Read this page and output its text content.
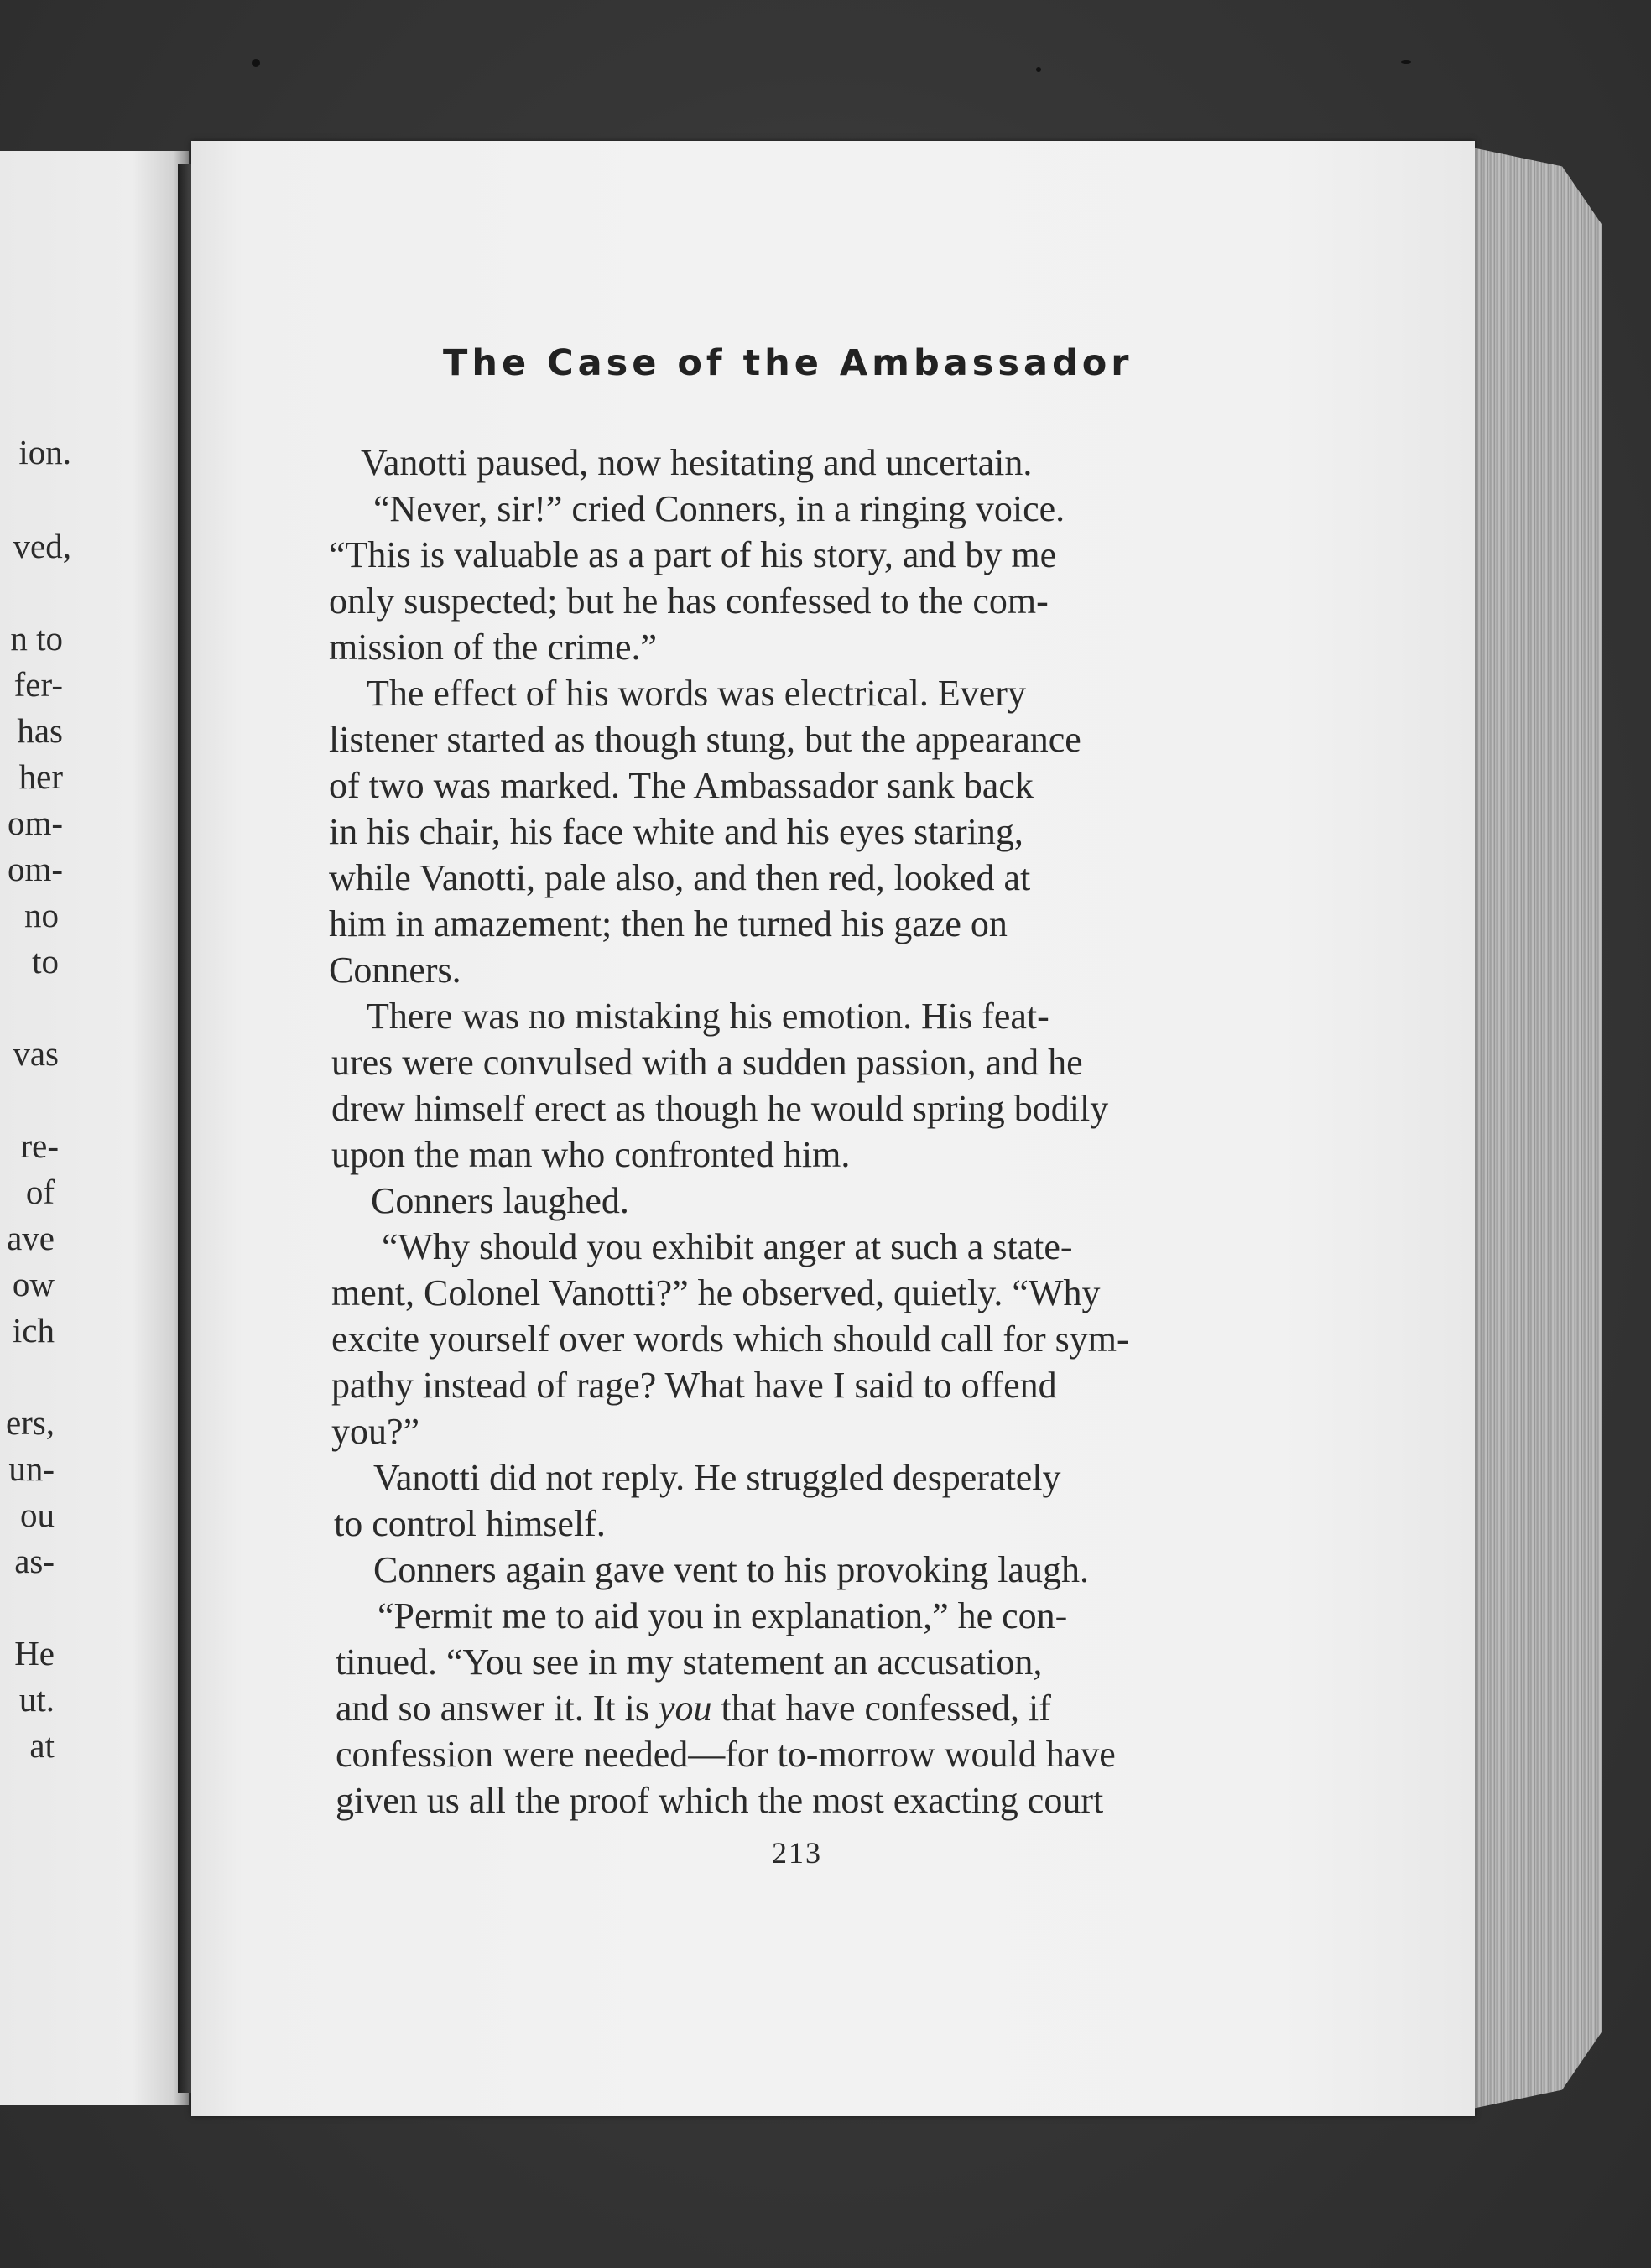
ion.
ved,
n to
fer-
has
her
om-
om-
no
to
vas
re-
of
ave
ow
ich
ers,
un-
ou
as-
He
ut.
at
The Case of the Ambassador
Vanotti paused, now hesitating and uncertain.
“Never, sir!” cried Conners, in a ringing voice.
“This is valuable as a part of his story, and by me
only suspected; but he has confessed to the com-
mission of the crime.”
The effect of his words was electrical. Every
listener started as though stung, but the appearance
of two was marked. The Ambassador sank back
in his chair, his face white and his eyes staring,
while Vanotti, pale also, and then red, looked at
him in amazement; then he turned his gaze on
Conners.
There was no mistaking his emotion. His feat-
ures were convulsed with a sudden passion, and he
drew himself erect as though he would spring bodily
upon the man who confronted him.
Conners laughed.
“Why should you exhibit anger at such a state-
ment, Colonel Vanotti?” he observed, quietly. “Why
excite yourself over words which should call for sym-
pathy instead of rage? What have I said to offend
you?”
Vanotti did not reply. He struggled desperately
to control himself.
Conners again gave vent to his provoking laugh.
“Permit me to aid you in explanation,” he con-
tinued. “You see in my statement an accusation,
and so answer it. It is you that have confessed, if
confession were needed—for to-morrow would have
given us all the proof which the most exacting court
213
